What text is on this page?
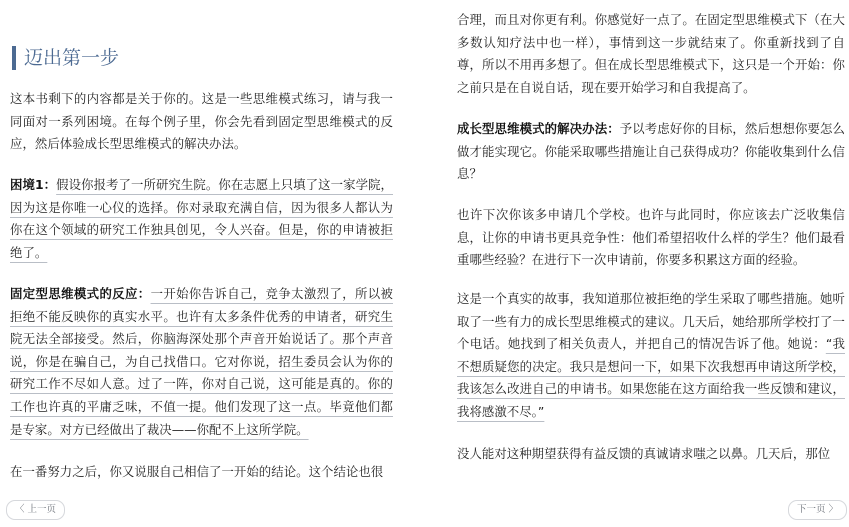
迈出第一步
这本书剩下的内容都是关于你的。这是一些思维模式练习，请与我一同面对一系列困境。在每个例子里，你会先看到固定型思维模式的反应，然后体验成长型思维模式的解决办法。
困境1：假设你报考了一所研究生院。你在志愿上只填了这一家学院，因为这是你唯一心仪的选择。你对录取充满自信，因为很多人都认为你在这个领域的研究工作独具创见，令人兴奋。但是，你的申请被拒绝了。
固定型思维模式的反应：一开始你告诉自己，竞争太激烈了，所以被拒绝不能反映你的真实水平。也许有太多条件优秀的申请者，研究生院无法全部接受。然后，你脑海深处那个声音开始说话了。那个声音说，你是在骗自己，为自己找借口。它对你说，招生委员会认为你的研究工作不尽如人意。过了一阵，你对自己说，这可能是真的。你的工作也许真的平庸乏味，不值一提。他们发现了这一点。毕竟他们都是专家。对方已经做出了裁决——你配不上这所学院。
在一番努力之后，你又说服自己相信了一开始的结论。这个结论也很
合理，而且对你更有利。你感觉好一点了。在固定型思维模式下（在大多数认知疗法中也一样），事情到这一步就结束了。你重新找到了自尊，所以不用再多想了。但在成长型思维模式下，这只是一个开始：你之前只是在自说自话，现在要开始学习和自我提高了。
成长型思维模式的解决办法：予以考虑好你的目标，然后想想你要怎么做才能实现它。你能采取哪些措施让自己获得成功？你能收集到什么信息？
也许下次你该多申请几个学校。也许与此同时，你应该去广泛收集信息，让你的申请书更具竞争性：他们希望招收什么样的学生？他们最看重哪些经验？在进行下一次申请前，你要多积累这方面的经验。
这是一个真实的故事，我知道那位被拒绝的学生采取了哪些措施。她听取了一些有力的成长型思维模式的建议。几天后，她给那所学校打了一个电话。她找到了相关负责人，并把自己的情况告诉了他。她说：“我不想质疑您的决定。我只是想问一下，如果下次我想再申请这所学校，我该怎么改进自己的申请书。如果您能在这方面给我一些反馈和建议，我将感激不尽。”
没人能对这种期望获得有益反馈的真诚请求嗤之以鼻。几天后，那位
〈 上一页	下一页 〉
